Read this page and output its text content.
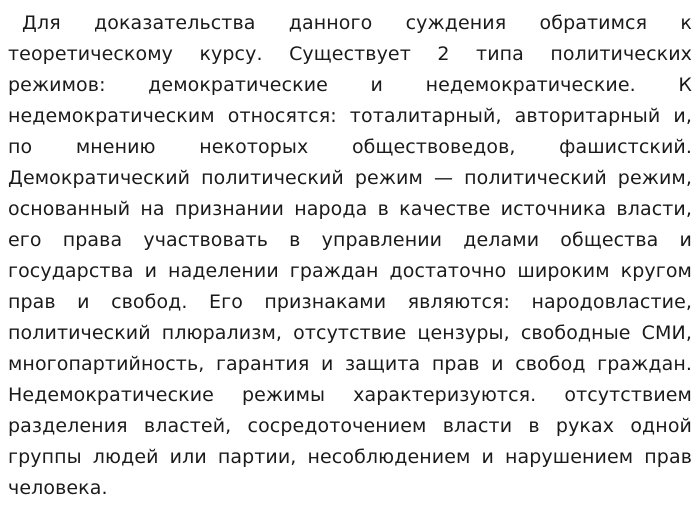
Для доказательства данного суждения обратимся к теоретическому курсу. Существует 2 типа политических режимов: демократические и недемократические. К недемократическим относятся: тоталитарный, авторитарный и, по мнению некоторых обществоведов, фашистский. Демократический политический режим — политический режим, основанный на признании народа в качестве источника власти, его права участвовать в управлении делами общества и государства и наделении граждан достаточно широким кругом прав и свобод. Его признаками являются: народовластие, политический плюрализм, отсутствие цензуры, свободные СМИ, многопартийность, гарантия и защита прав и свобод граждан. Недемократические режимы характеризуются. отсутствием разделения властей, сосредоточением власти в руках одной группы людей или партии, несоблюдением и нарушением прав человека.
